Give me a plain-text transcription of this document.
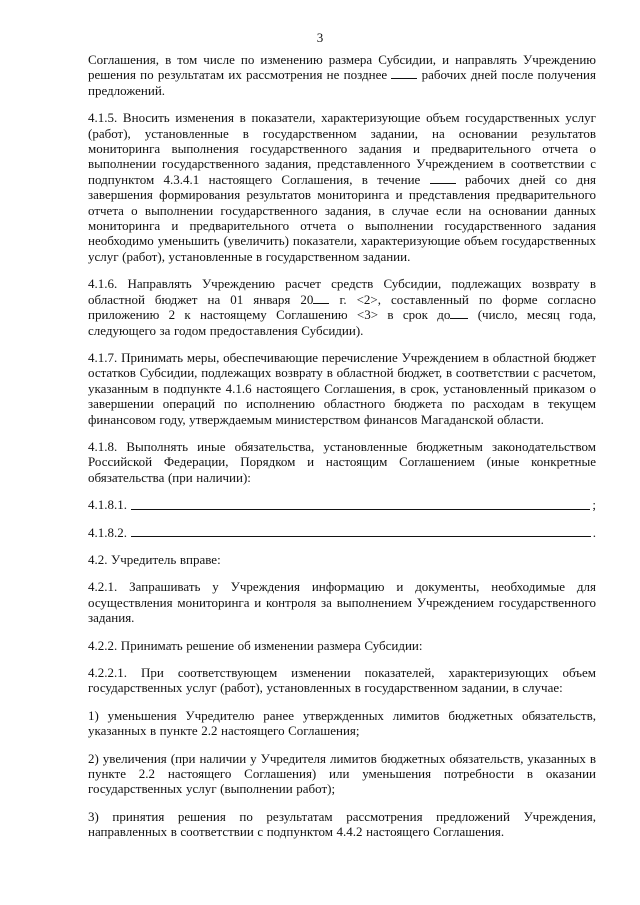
3

Соглашения, в том числе по изменению размера Субсидии, и направлять Учреждению решения по результатам их рассмотрения не позднее	рабочих дней после получения предложений.

4.1.5. Вносить изменения в показатели, характеризующие объем государственных услуг (работ), установленные в государственном задании, на основании результатов мониторинга выполнения государственного задания и предварительного отчета о выполнении государственного задания, представленного Учреждением в соответствии с подпунктом 4.3.4.1 настоящего Соглашения, в течение	рабочих дней со дня завершения формирования результатов мониторинга и представления предварительного отчета о выполнении государственного задания, в случае если на основании данных мониторинга и предварительного отчета о выполнении государственного задания необходимо уменьшить (увеличить) показатели, характеризующие объем государственных услуг (работ), установленные в государственном задании.

4.1.6. Направлять Учреждению расчет средств Субсидии, подлежащих возврату в областной бюджет на 01 января 20 г. <2>, составленный по форме согласно приложению 2 к настоящему Соглашению <3> в срок до (число, месяц года, следующего за годом предоставления Субсидии).

4.1.7. Принимать меры, обеспечивающие перечисление Учреждением в областной бюджет остатков Субсидии, подлежащих возврату в областной бюджет, в соответствии с расчетом, указанным в подпункте 4.1.6 настоящего Соглашения, в срок, установленный приказом о завершении операций по исполнению областного бюджета по расходам в текущем финансовом году, утверждаемым министерством финансов Магаданской области.

4.1.8. Выполнять иные обязательства, установленные бюджетным законодательством Российской Федерации, Порядком и настоящим Соглашением (иные конкретные обязательства (при наличии):

4.1.8.1.	;
4.1.8.2.	.

4.2. Учредитель вправе:

4.2.1. Запрашивать у Учреждения информацию и документы, необходимые для осуществления мониторинга и контроля за выполнением Учреждением государственного задания.

4.2.2. Принимать решение об изменении размера Субсидии:

4.2.2.1. При соответствующем изменении показателей, характеризующих объем государственных услуг (работ), установленных в государственном задании, в случае:

1) уменьшения Учредителю ранее утвержденных лимитов бюджетных обязательств, указанных в пункте 2.2 настоящего Соглашения;

2) увеличения (при наличии у Учредителя лимитов бюджетных обязательств, указанных в пункте 2.2 настоящего Соглашения) или уменьшения потребности в оказании государственных услуг (выполнении работ);

3) принятия решения по результатам рассмотрения предложений Учреждения, направленных в соответствии с подпунктом 4.4.2 настоящего Соглашения.
